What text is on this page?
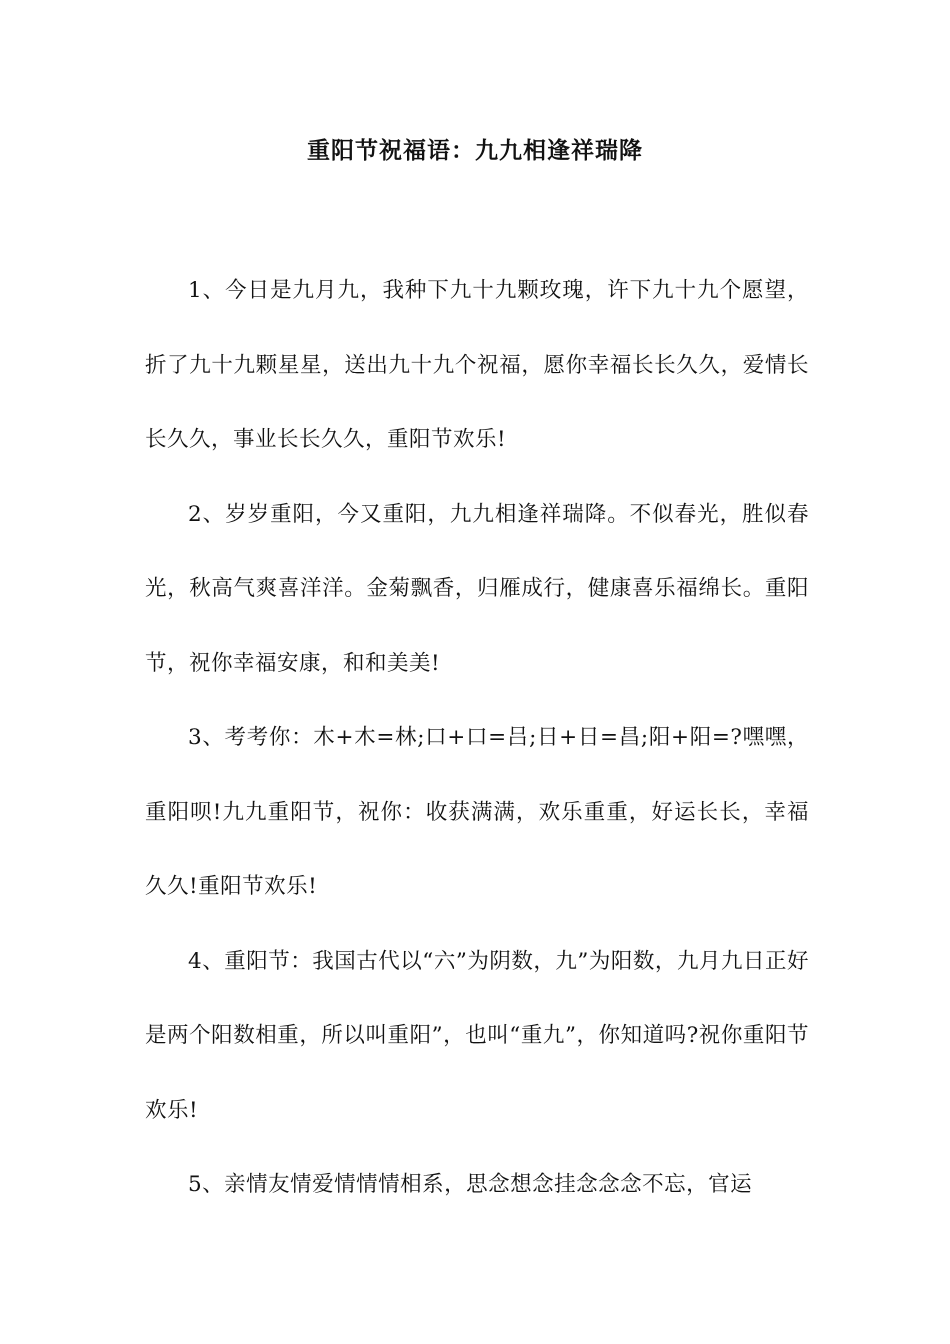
重阳节祝福语：九九相逢祥瑞降

1、今日是九月九，我种下九十九颗玫瑰，许下九十九个愿望，折了九十九颗星星，送出九十九个祝福，愿你幸福长长久久，爱情长长久久，事业长长久久，重阳节欢乐!

2、岁岁重阳，今又重阳，九九相逢祥瑞降。不似春光，胜似春光，秋高气爽喜洋洋。金菊飘香，归雁成行，健康喜乐福绵长。重阳节，祝你幸福安康，和和美美!

3、考考你：木+木=林;口+口=吕;日+日=昌;阳+阳=?嘿嘿，重阳呗!九九重阳节，祝你：收获满满，欢乐重重，好运长长，幸福久久!重阳节欢乐!

4、重阳节：我国古代以“六”为阴数，九”为阳数，九月九日正好是两个阳数相重，所以叫重阳”，也叫“重九”，你知道吗?祝你重阳节欢乐!

5、亲情友情爱情情情相系，思念想念挂念念念不忘，官运
